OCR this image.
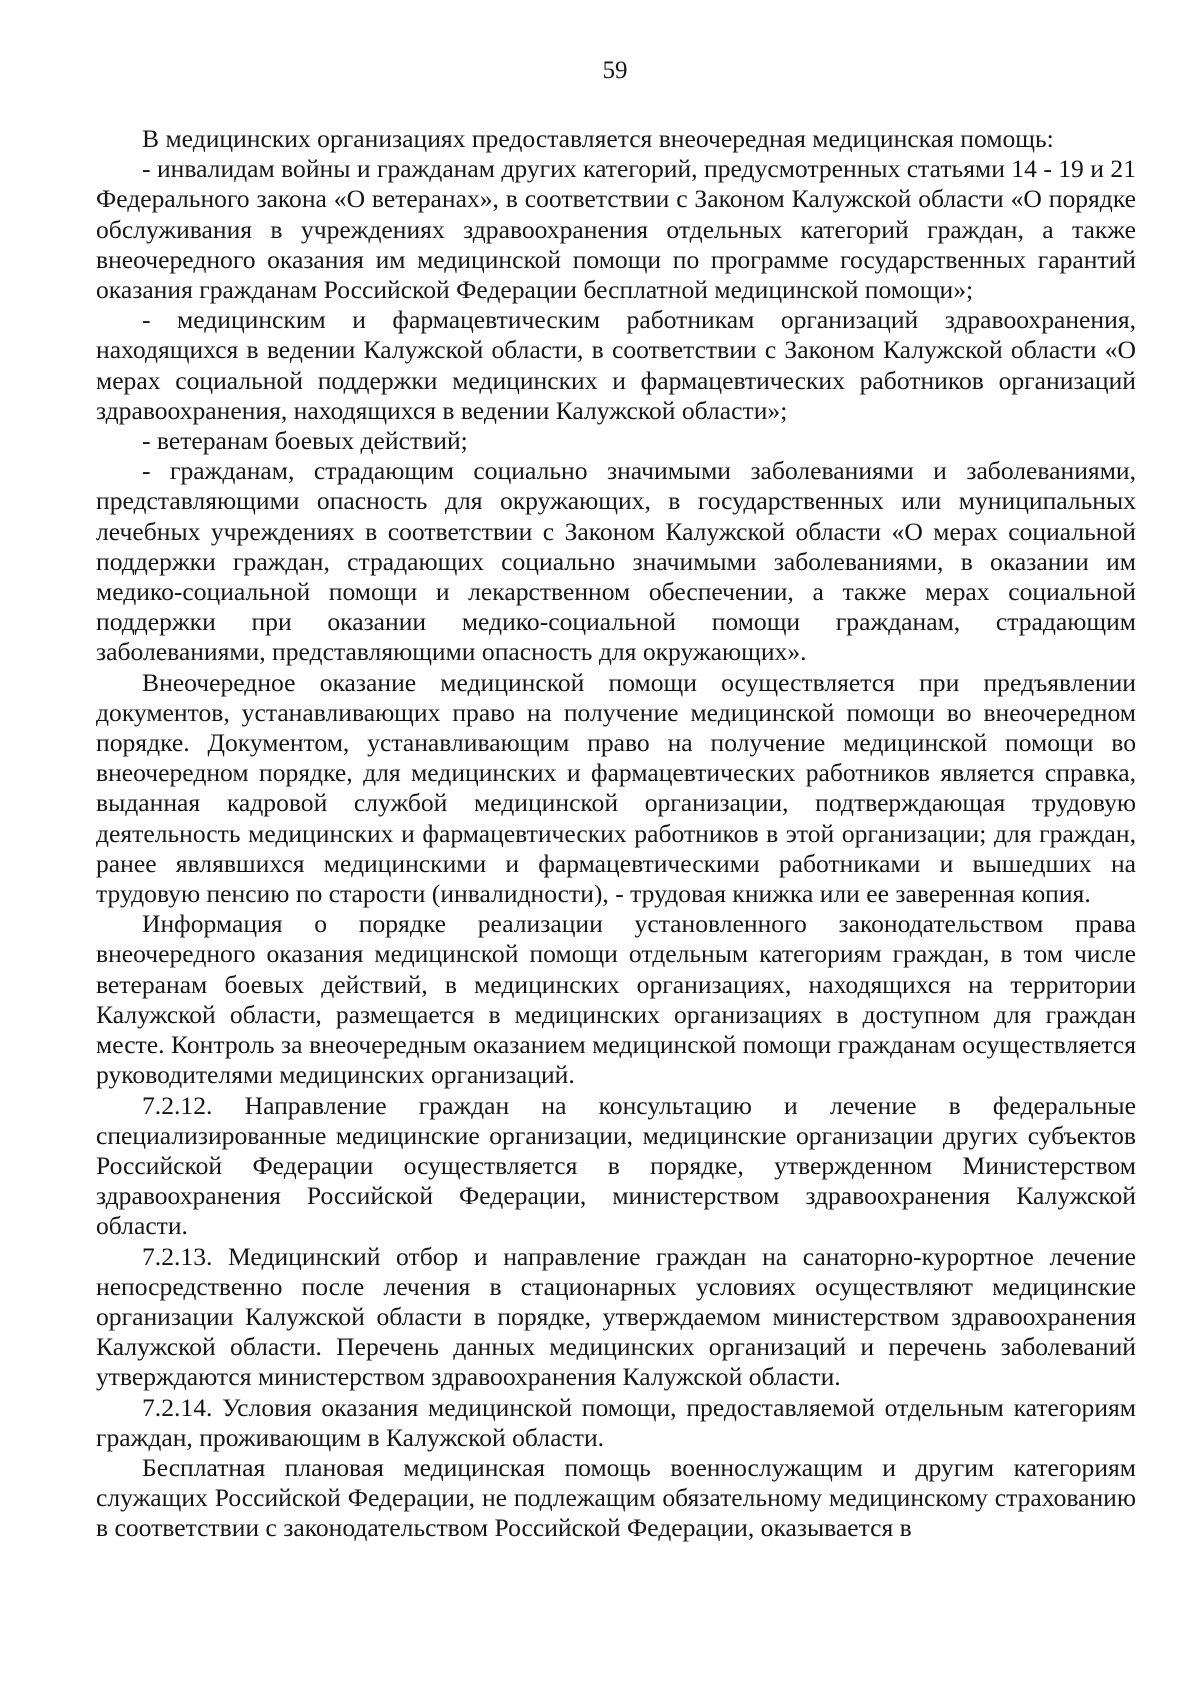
59

В медицинских организациях предоставляется внеочередная медицинская помощь:

- инвалидам войны и гражданам других категорий, предусмотренных статьями 14 - 19 и 21 Федерального закона «О ветеранах», в соответствии с Законом Калужской области «О порядке обслуживания в учреждениях здравоохранения отдельных категорий граждан, а также внеочередного оказания им медицинской помощи по программе государственных гарантий оказания гражданам Российской Федерации бесплатной медицинской помощи»;

- медицинским и фармацевтическим работникам организаций здравоохранения, находящихся в ведении Калужской области, в соответствии с Законом Калужской области «О мерах социальной поддержки медицинских и фармацевтических работников организаций здравоохранения, находящихся в ведении Калужской области»;

- ветеранам боевых действий;

- гражданам, страдающим социально значимыми заболеваниями и заболеваниями, представляющими опасность для окружающих, в государственных или муниципальных лечебных учреждениях в соответствии с Законом Калужской области «О мерах социальной поддержки граждан, страдающих социально значимыми заболеваниями, в оказании им медико-социальной помощи и лекарственном обеспечении, а также мерах социальной поддержки при оказании медико-социальной помощи гражданам, страдающим заболеваниями, представляющими опасность для окружающих».

Внеочередное оказание медицинской помощи осуществляется при предъявлении документов, устанавливающих право на получение медицинской помощи во внеочередном порядке. Документом, устанавливающим право на получение медицинской помощи во внеочередном порядке, для медицинских и фармацевтических работников является справка, выданная кадровой службой медицинской организации, подтверждающая трудовую деятельность медицинских и фармацевтических работников в этой организации; для граждан, ранее являвшихся медицинскими и фармацевтическими работниками и вышедших на трудовую пенсию по старости (инвалидности), - трудовая книжка или ее заверенная копия.

Информация о порядке реализации установленного законодательством права внеочередного оказания медицинской помощи отдельным категориям граждан, в том числе ветеранам боевых действий, в медицинских организациях, находящихся на территории Калужской области, размещается в медицинских организациях в доступном для граждан месте. Контроль за внеочередным оказанием медицинской помощи гражданам осуществляется руководителями медицинских организаций.

7.2.12. Направление граждан на консультацию и лечение в федеральные специализированные медицинские организации, медицинские организации других субъектов Российской Федерации осуществляется в порядке, утвержденном Министерством здравоохранения Российской Федерации, министерством здравоохранения Калужской области.

7.2.13. Медицинский отбор и направление граждан на санаторно-курортное лечение непосредственно после лечения в стационарных условиях осуществляют медицинские организации Калужской области в порядке, утверждаемом министерством здравоохранения Калужской области. Перечень данных медицинских организаций и перечень заболеваний утверждаются министерством здравоохранения Калужской области.

7.2.14. Условия оказания медицинской помощи, предоставляемой отдельным категориям граждан, проживающим в Калужской области.

Бесплатная плановая медицинская помощь военнослужащим и другим категориям служащих Российской Федерации, не подлежащим обязательному медицинскому страхованию в соответствии с законодательством Российской Федерации, оказывается в
